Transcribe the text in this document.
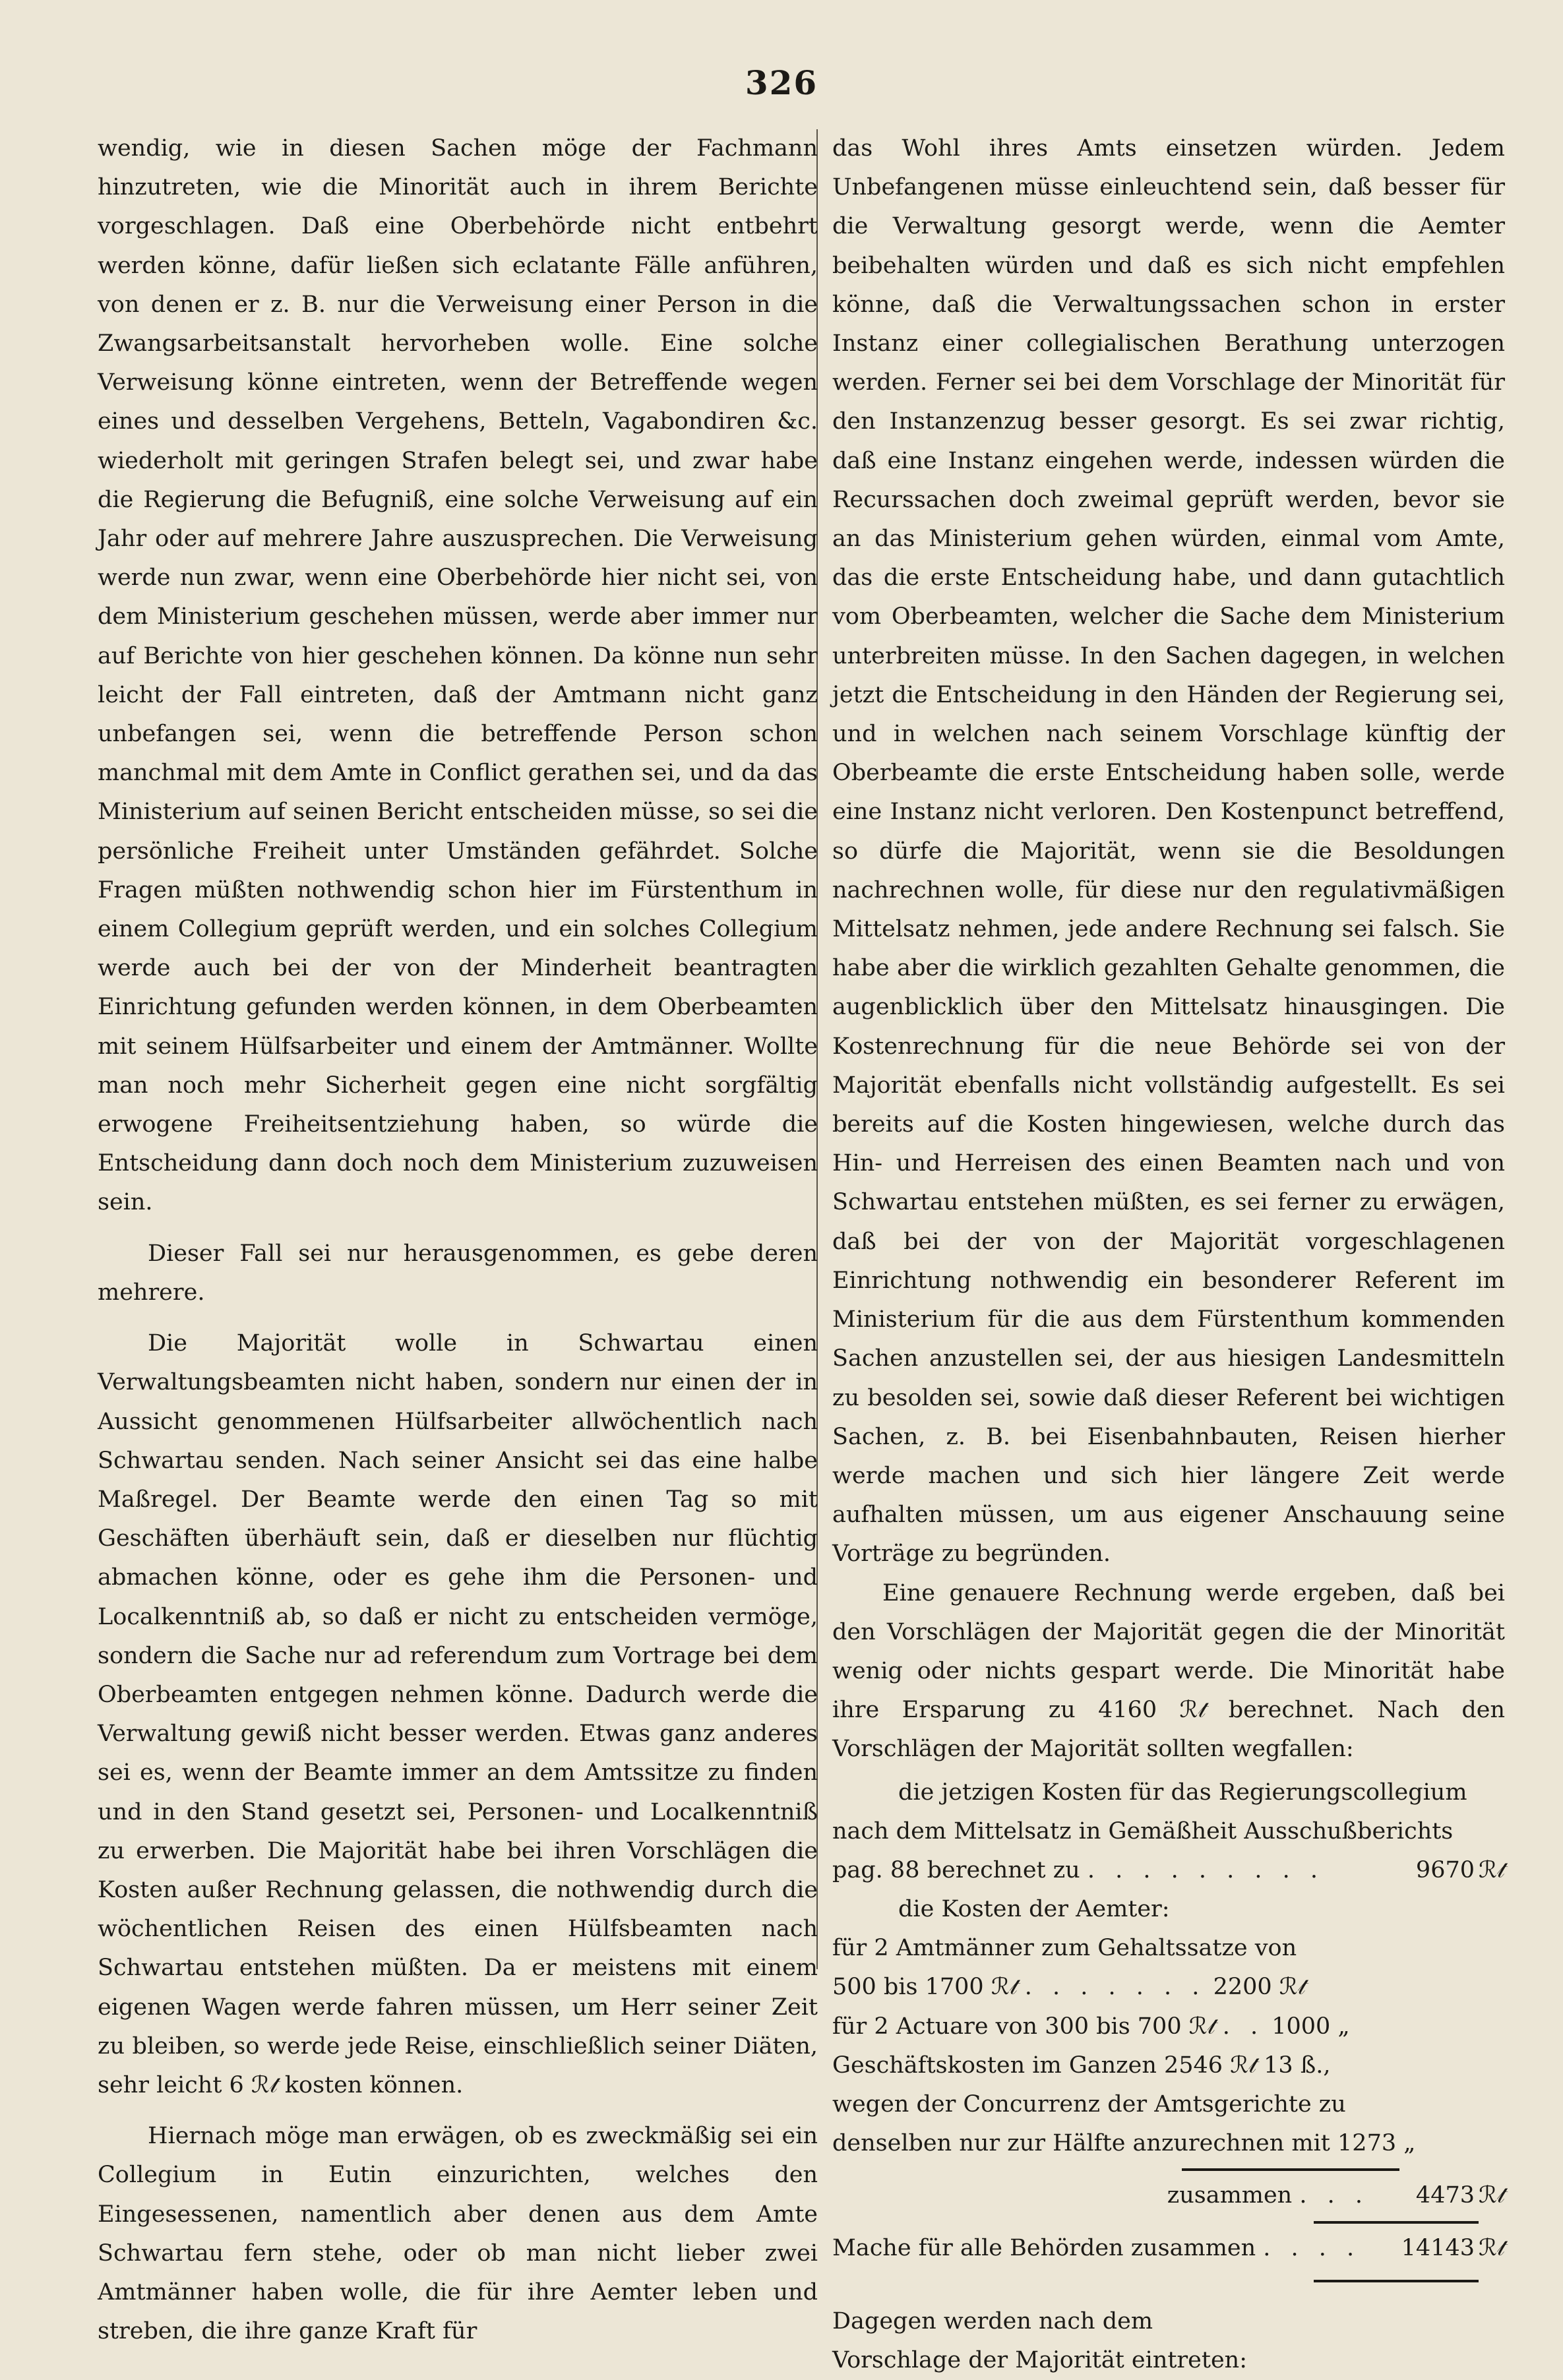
326

wendig, wie in diesen Sachen möge der Fachmann hinzutreten, wie die Minorität auch in ihrem Berichte vorgeschlagen. Daß eine Oberbehörde nicht entbehrt werden könne, dafür ließen sich eclatante Fälle anführen, von denen er z. B. nur die Verweisung einer Person in die Zwangsarbeitsanstalt hervorheben wolle. Eine solche Verweisung könne eintreten, wenn der Betreffende wegen eines und desselben Vergehens, Betteln, Vagabondiren &c. wiederholt mit geringen Strafen belegt sei, und zwar habe die Regierung die Befugniß, eine solche Verweisung auf ein Jahr oder auf mehrere Jahre auszusprechen. Die Verweisung werde nun zwar, wenn eine Oberbehörde hier nicht sei, von dem Ministerium geschehen müssen, werde aber immer nur auf Berichte von hier geschehen können. Da könne nun sehr leicht der Fall eintreten, daß der Amtmann nicht ganz unbefangen sei, wenn die betreffende Person schon manchmal mit dem Amte in Conflict gerathen sei, und da das Ministerium auf seinen Bericht entscheiden müsse, so sei die persönliche Freiheit unter Umständen gefährdet. Solche Fragen müßten nothwendig schon hier im Fürstenthum in einem Collegium geprüft werden, und ein solches Collegium werde auch bei der von der Minderheit beantragten Einrichtung gefunden werden können, in dem Oberbeamten mit seinem Hülfsarbeiter und einem der Amtmänner. Wollte man noch mehr Sicherheit gegen eine nicht sorgfältig erwogene Freiheitsentziehung haben, so würde die Entscheidung dann doch noch dem Ministerium zuzuweisen sein.

Dieser Fall sei nur herausgenommen, es gebe deren mehrere.

Die Majorität wolle in Schwartau einen Verwaltungsbeamten nicht haben, sondern nur einen der in Aussicht genommenen Hülfsarbeiter allwöchentlich nach Schwartau senden. Nach seiner Ansicht sei das eine halbe Maßregel. Der Beamte werde den einen Tag so mit Geschäften überhäuft sein, daß er dieselben nur flüchtig abmachen könne, oder es gehe ihm die Personen- und Localkenntniß ab, so daß er nicht zu entscheiden vermöge, sondern die Sache nur ad referendum zum Vortrage bei dem Oberbeamten entgegen nehmen könne. Dadurch werde die Verwaltung gewiß nicht besser werden. Etwas ganz anderes sei es, wenn der Beamte immer an dem Amtssitze zu finden und in den Stand gesetzt sei, Personen- und Localkenntniß zu erwerben. Die Majorität habe bei ihren Vorschlägen die Kosten außer Rechnung gelassen, die nothwendig durch die wöchentlichen Reisen des einen Hülfsbeamten nach Schwartau entstehen müßten. Da er meistens mit einem eigenen Wagen werde fahren müssen, um Herr seiner Zeit zu bleiben, so werde jede Reise, einschließlich seiner Diäten, sehr leicht 6 ℛ𝓉 kosten können.

Hiernach möge man erwägen, ob es zweckmäßig sei ein Collegium in Eutin einzurichten, welches den Eingesessenen, namentlich aber denen aus dem Amte Schwartau fern stehe, oder ob man nicht lieber zwei Amtmänner haben wolle, die für ihre Aemter leben und streben, die ihre ganze Kraft für

das Wohl ihres Amts einsetzen würden. Jedem Unbefangenen müsse einleuchtend sein, daß besser für die Verwaltung gesorgt werde, wenn die Aemter beibehalten würden und daß es sich nicht empfehlen könne, daß die Verwaltungssachen schon in erster Instanz einer collegialischen Berathung unterzogen werden. Ferner sei bei dem Vorschlage der Minorität für den Instanzenzug besser gesorgt. Es sei zwar richtig, daß eine Instanz eingehen werde, indessen würden die Recurssachen doch zweimal geprüft werden, bevor sie an das Ministerium gehen würden, einmal vom Amte, das die erste Entscheidung habe, und dann gutachtlich vom Oberbeamten, welcher die Sache dem Ministerium unterbreiten müsse. In den Sachen dagegen, in welchen jetzt die Entscheidung in den Händen der Regierung sei, und in welchen nach seinem Vorschlage künftig der Oberbeamte die erste Entscheidung haben solle, werde eine Instanz nicht verloren. Den Kostenpunct betreffend, so dürfe die Majorität, wenn sie die Besoldungen nachrechnen wolle, für diese nur den regulativmäßigen Mittelsatz nehmen, jede andere Rechnung sei falsch. Sie habe aber die wirklich gezahlten Gehalte genommen, die augenblicklich über den Mittelsatz hinausgingen. Die Kostenrechnung für die neue Behörde sei von der Majorität ebenfalls nicht vollständig aufgestellt. Es sei bereits auf die Kosten hingewiesen, welche durch das Hin- und Herreisen des einen Beamten nach und von Schwartau entstehen müßten, es sei ferner zu erwägen, daß bei der von der Majorität vorgeschlagenen Einrichtung nothwendig ein besonderer Referent im Ministerium für die aus dem Fürstenthum kommenden Sachen anzustellen sei, der aus hiesigen Landesmitteln zu besolden sei, sowie daß dieser Referent bei wichtigen Sachen, z. B. bei Eisenbahnbauten, Reisen hierher werde machen und sich hier längere Zeit werde aufhalten müssen, um aus eigener Anschauung seine Vorträge zu begründen.

Eine genauere Rechnung werde ergeben, daß bei den Vorschlägen der Majorität gegen die der Minorität wenig oder nichts gespart werde. Die Minorität habe ihre Ersparung zu 4160 ℛ𝓉 berechnet. Nach den Vorschlägen der Majorität sollten wegfallen:

die jetzigen Kosten für das Regierungscollegium
nach dem Mittelsatz in Gemäßheit Ausschußberichts
pag. 88 berechnet zu . . . . . . . . .	9670 ℛ𝓉
die Kosten der Aemter:
für 2 Amtmänner zum Gehaltssatze von
500 bis 1700 ℛ𝓉 . . . . . . . 2200 ℛ𝓉
für 2 Actuare von 300 bis 700 ℛ𝓉 . . 1000 „
Geschäftskosten im Ganzen 2546 ℛ𝓉 13 ß.,
wegen der Concurrenz der Amtsgerichte zu
denselben nur zur Hälfte anzurechnen mit 1273 „
zusammen . . .	4473 ℛ𝓉
Mache für alle Behörden zusammen . . . .	14143 ℛ𝓉

Dagegen werden nach dem Vorschlage der Majorität eintreten:
